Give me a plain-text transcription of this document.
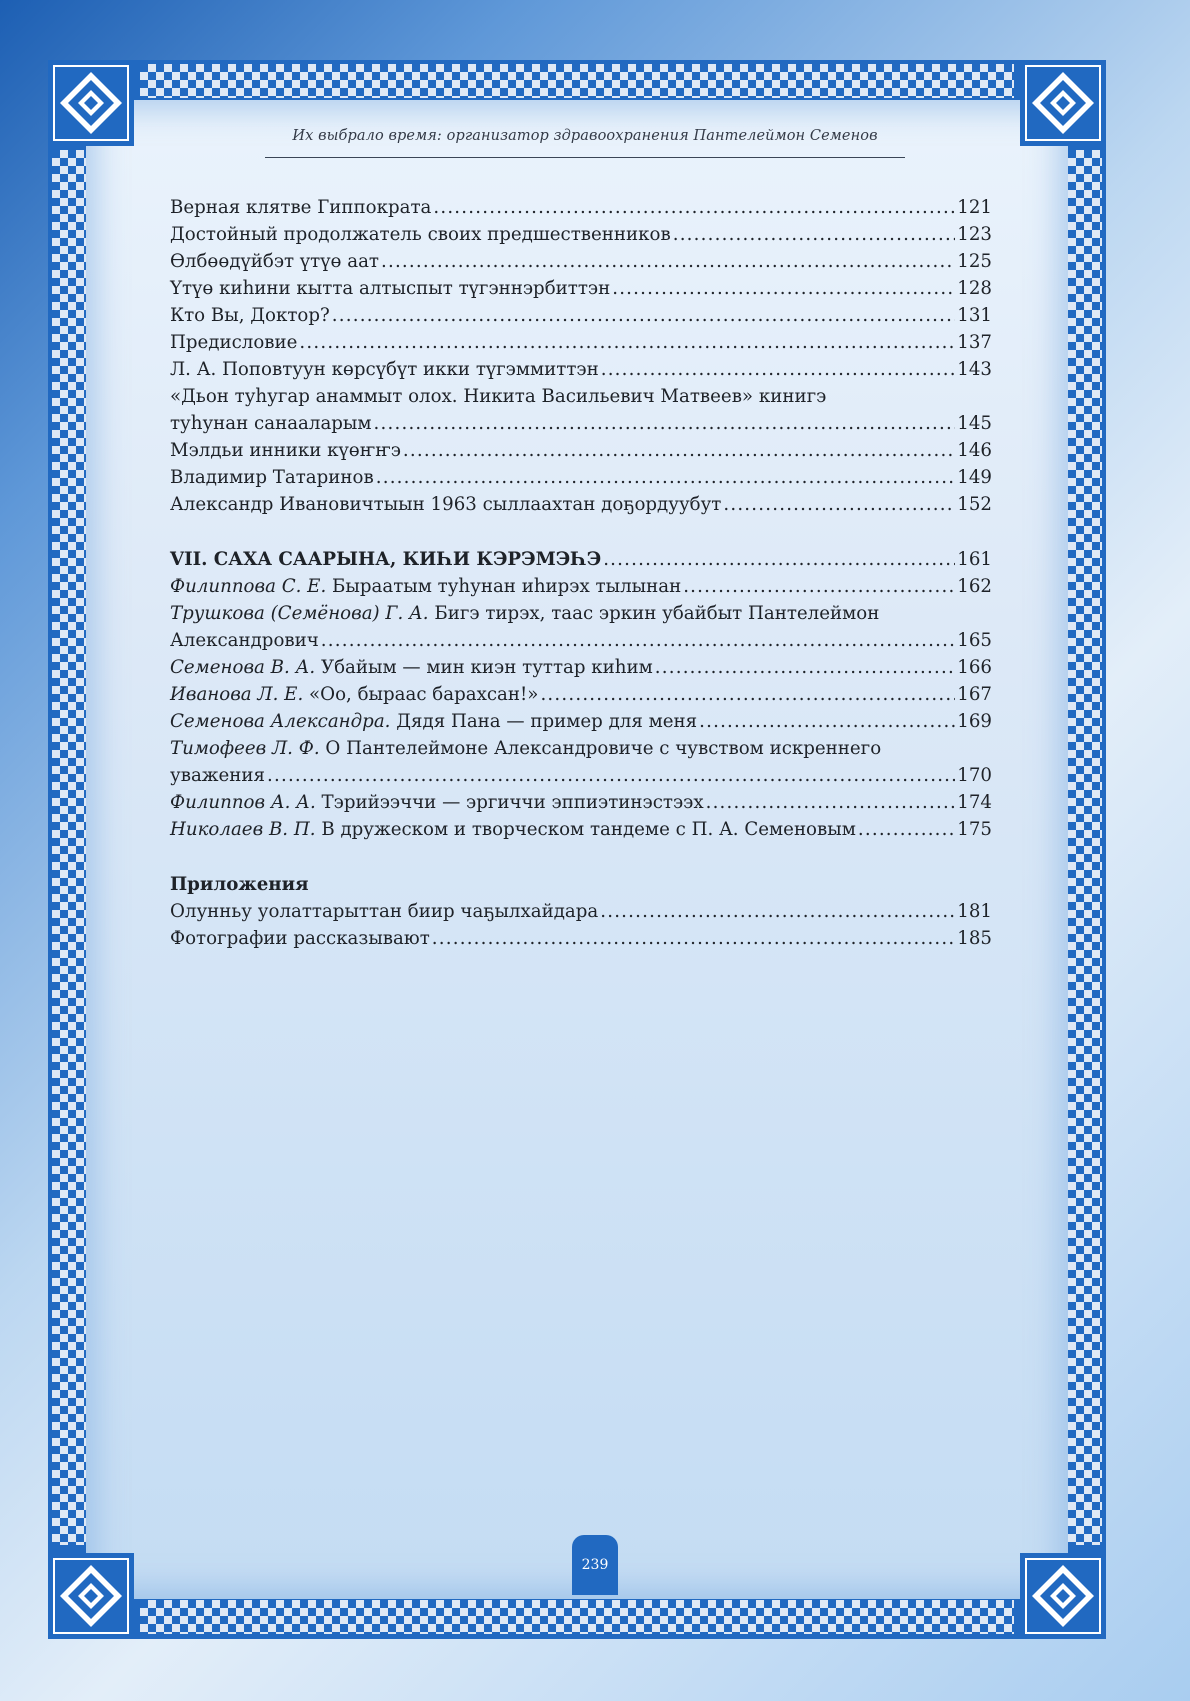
Их выбрало время: организатор здравоохранения Пантелеймон Семенов
Верная клятве Гиппократа .....	121
Достойный продолжатель своих предшественников .....	123
Өлбөөдүйбэт үтүө аат .....	125
Үтүө киһини кытта алтыспыт түгэннэрбиттэн .....	128
Кто Вы, Доктор? .....	131
Предисловие .....	137
Л. А. Поповтуун көрсүбүт икки түгэммиттэн .....	143
«Дьон туһугар анаммыт олох. Никита Васильевич Матвеев» кинигэ
туһунан санааларым .....	145
Мэлдьи инники күөҥҥэ .....	146
Владимир Татаринов .....	149
Александр Ивановичтыын 1963 сыллаахтан доҕордуубут .....	152
VII. САХА СААРЫНА, КИҺИ КЭРЭМЭҺЭ .....	161
Филиппова С. Е. Быраатым туһунан иһирэх тылынан .....	162
Трушкова (Семёнова) Г. А. Бигэ тирэх, таас эркин убайбыт Пантелеймон
Александрович .....	165
Семенова В. А. Убайым — мин киэн туттар киһим .....	166
Иванова Л. Е. «Оо, быраас барахсан!» .....	167
Семенова Александра. Дядя Пана — пример для меня .....	169
Тимофеев Л. Ф. О Пантелеймоне Александровиче с чувством искреннего
уважения .....	170
Филиппов А. А. Тэрийээччи — эргиччи эппиэтинэстээх .....	174
Николаев В. П. В дружеском и творческом тандеме с П. А. Семеновым .....	175
Приложения
Олунньу уолаттарыттан биир чаҕылхайдара .....	181
Фотографии рассказывают .....	185
239
